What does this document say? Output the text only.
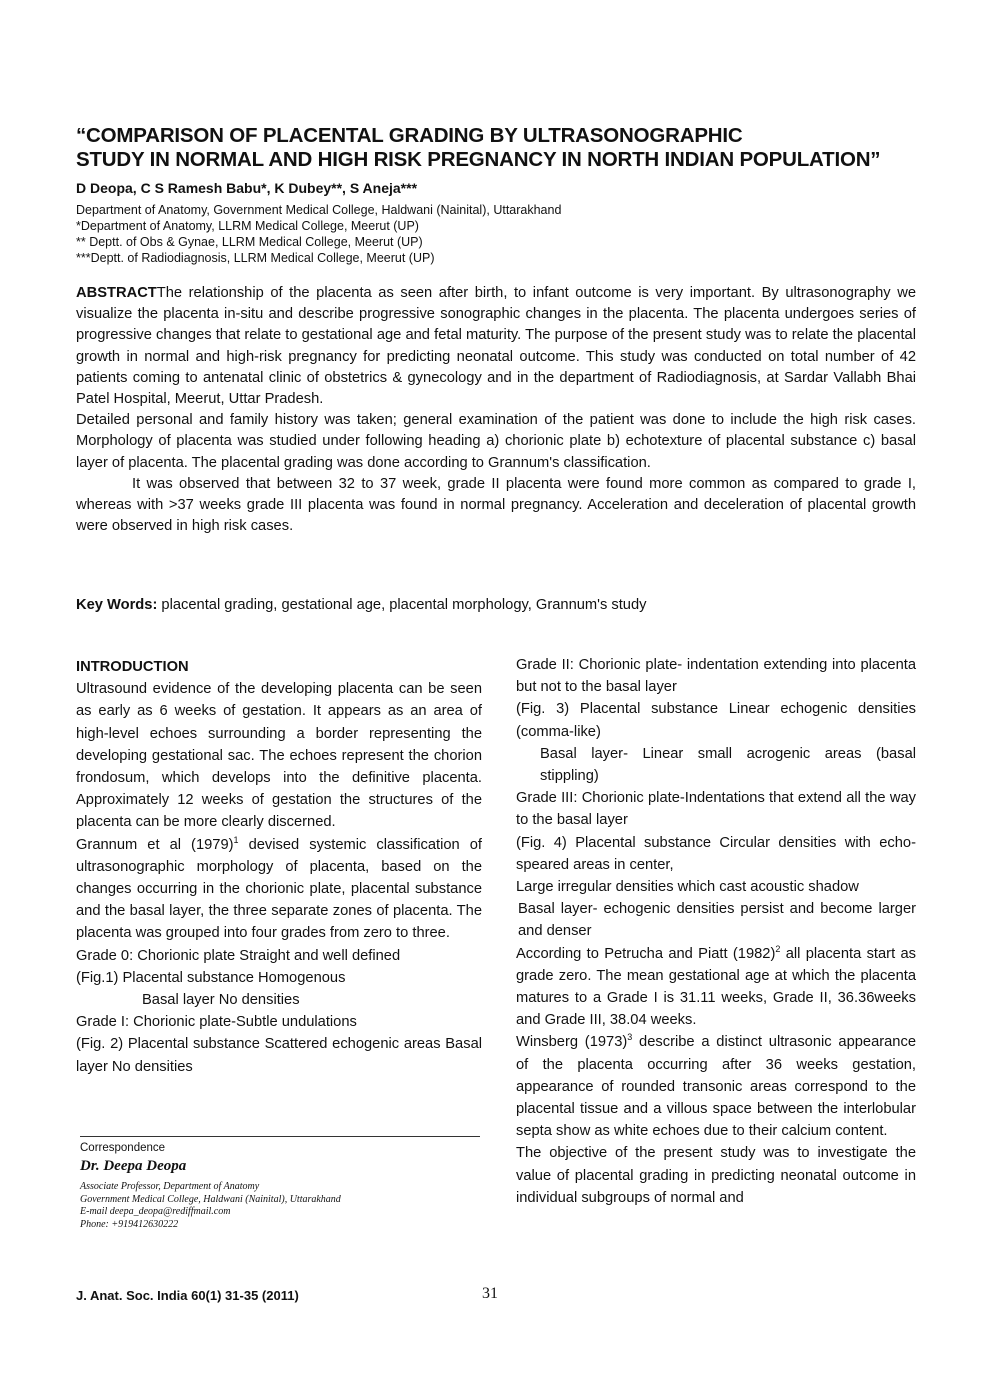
“COMPARISON OF PLACENTAL GRADING BY ULTRASONOGRAPHIC
STUDY IN NORMAL AND HIGH RISK PREGNANCY IN NORTH INDIAN POPULATION”
D Deopa, C S Ramesh Babu*, K Dubey**, S Aneja***
Department of Anatomy, Government Medical College, Haldwani (Nainital), Uttarakhand
*Department of Anatomy, LLRM Medical College, Meerut (UP)
** Deptt. of Obs & Gynae, LLRM Medical College, Meerut (UP)
***Deptt. of Radiodiagnosis, LLRM Medical College, Meerut (UP)

ABSTRACTThe relationship of the placenta as seen after birth, to infant outcome is very important. By ultrasonography we visualize the placenta in-situ and describe progressive sonographic changes in the placenta. The placenta undergoes series of progressive changes that relate to gestational age and fetal maturity. The purpose of the present study was to relate the placental growth in normal and high-risk pregnancy for predicting neonatal outcome. This study was conducted on total number of 42 patients coming to antenatal clinic of obstetrics & gynecology and in the department of Radiodiagnosis, at Sardar Vallabh Bhai Patel Hospital, Meerut, Uttar Pradesh.

Detailed personal and family history was taken; general examination of the patient was done to include the high risk cases. Morphology of placenta was studied under following heading a) chorionic plate b) echotexture of placental substance c) basal layer of placenta. The placental grading was done according to Grannum's classification.

It was observed that between 32 to 37 week, grade II placenta were found more common as compared to grade I, whereas with >37 weeks grade III placenta was found in normal pregnancy. Acceleration and deceleration of placental growth were observed in high risk cases.

Key Words: placental grading, gestational age, placental morphology, Grannum's study

INTRODUCTION

Ultrasound evidence of the developing placenta can be seen as early as 6 weeks of gestation. It appears as an area of high-level echoes surrounding a border representing the developing gestational sac. The echoes represent the chorion frondosum, which develops into the definitive placenta. Approximately 12 weeks of gestation the structures of the placenta can be more clearly discerned.

Grannum et al (1979)$^1$ devised systemic classification of ultrasonographic morphology of placenta, based on the changes occurring in the chorionic plate, placental substance and the basal layer, the three separate zones of placenta. The placenta was grouped into four grades from zero to three.

Grade 0: Chorionic plate Straight and well defined

(Fig.1) Placental substance Homogenous

Basal layer No densities

Grade I: Chorionic plate-Subtle undulations

(Fig. 2) Placental substance Scattered echogenic areas Basal layer No densities

Correspondence
Dr. Deepa Deopa
Associate Professor, Department of Anatomy
Government Medical College, Haldwani (Nainital), Uttarakhand
E-mail deepa_deopa@rediffmail.com
Phone: +919412630222

Grade II: Chorionic plate- indentation extending into placenta but not to the basal layer

(Fig. 3) Placental substance Linear echogenic densities (comma-like)

Basal layer- Linear small acrogenic areas (basal stippling)

Grade III: Chorionic plate-Indentations that extend all the way to the basal layer

(Fig. 4) Placental substance Circular densities with echo- speared areas in center,

Large irregular densities which cast acoustic shadow

Basal layer- echogenic densities persist and become larger and denser

According to Petrucha and Piatt (1982)$^2$ all placenta start as grade zero. The mean gestational age at which the placenta matures to a Grade I is 31.11 weeks, Grade II, 36.36weeks and Grade III, 38.04 weeks.

Winsberg (1973)$^3$ describe a distinct ultrasonic appearance of the placenta occurring after 36 weeks gestation, appearance of rounded transonic areas correspond to the placental tissue and a villous space between the interlobular septa show as white echoes due to their calcium content.

The objective of the present study was to investigate the value of placental grading in predicting neonatal outcome in individual subgroups of normal and

J. Anat. Soc. India 60(1) 31-35 (2011)	31
